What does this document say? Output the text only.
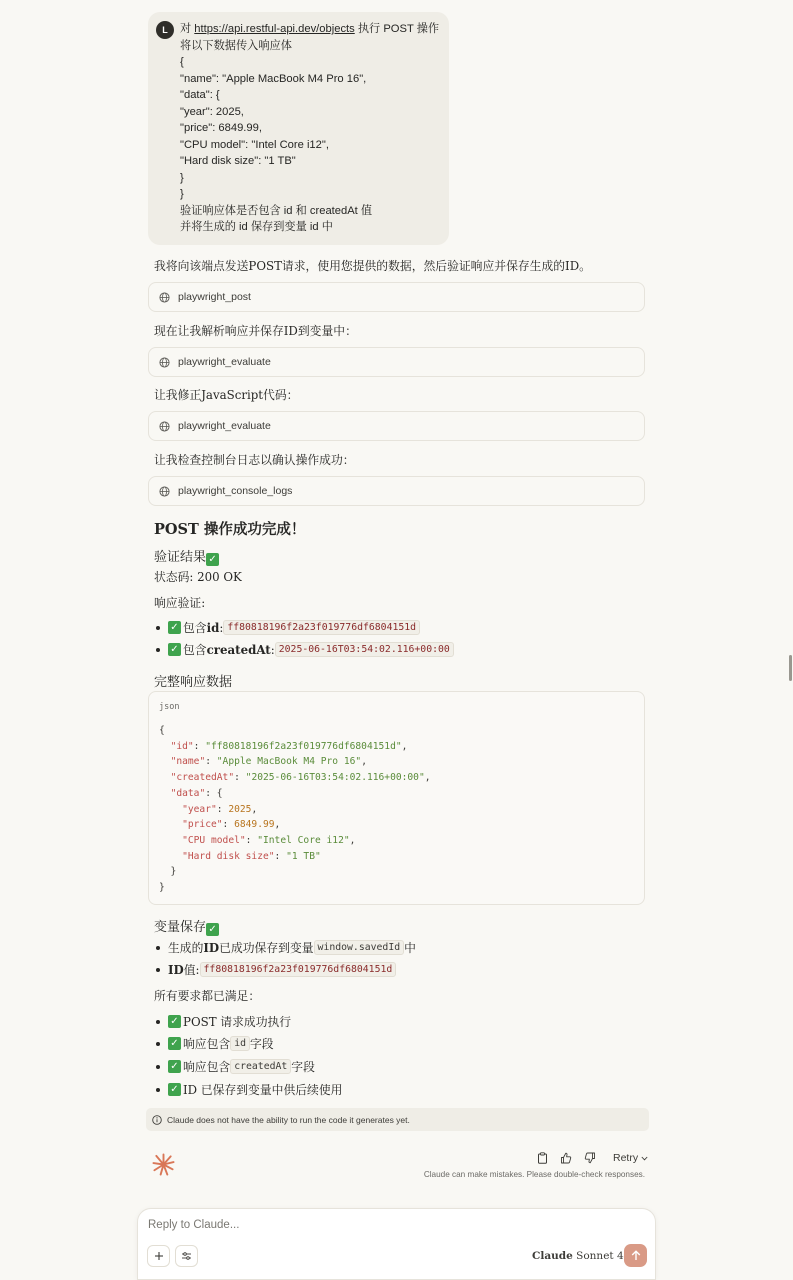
L	对 https://api.restful-api.dev/objects 执行 POST 操作
将以下数据传入响应体
{
"name": "Apple MacBook M4 Pro 16",
"data": {
"year": 2025,
"price": 6849.99,
"CPU model": "Intel Core i12",
"Hard disk size": "1 TB"
}
}
验证响应体是否包含 id 和 createdAt 值
并将生成的 id 保存到变量 id 中
我将向该端点发送POST请求，使用您提供的数据，然后验证响应并保存生成的ID。
playwright_post
现在让我解析响应并保存ID到变量中：
playwright_evaluate
让我修正JavaScript代码：
playwright_evaluate
让我检查控制台日志以确认操作成功：
playwright_console_logs
POST 操作成功完成！
验证结果 ✓
状态码: 200 OK
响应验证:
✓ 包含 id : ff80818196f2a23f019776df6804151d
✓ 包含 createdAt : 2025-06-16T03:54:02.116+00:00
完整响应数据
json
{
"id": "ff80818196f2a23f019776df6804151d",
"name": "Apple MacBook M4 Pro 16",
"createdAt": "2025-06-16T03:54:02.116+00:00",
"data": {
"year": 2025,
"price": 6849.99,
"CPU model": "Intel Core i12",
"Hard disk size": "1 TB"
}
}
变量保存 ✓
生成的 ID 已成功保存到变量 window.savedId 中
ID 值: ff80818196f2a23f019776df6804151d
所有要求都已满足：
✓ POST 请求成功执行
✓ 响应包含 id 字段
✓ 响应包含 createdAt 字段
✓ ID 已保存到变量中供后续使用
Claude does not have the ability to run the code it generates yet.
Retry
Claude can make mistakes. Please double-check responses.
Reply to Claude...
Claude Sonnet 4
